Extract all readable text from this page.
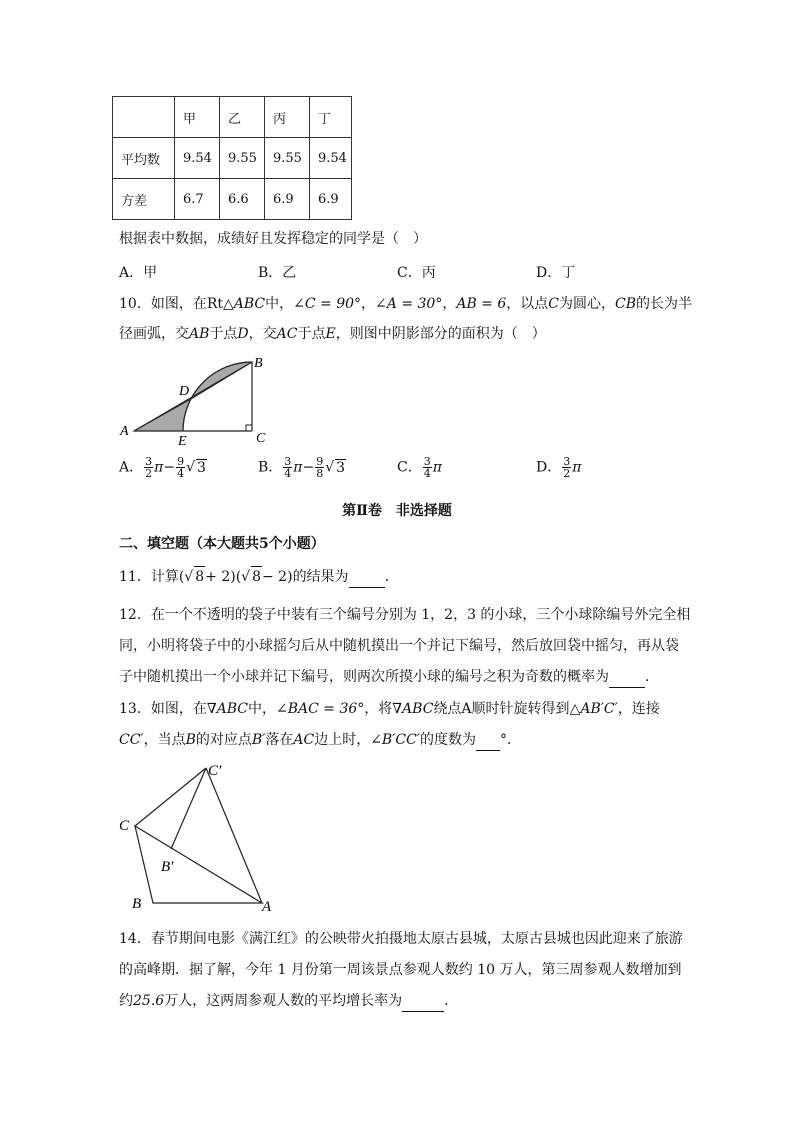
	甲	乙	丙	丁
平均数	9.54	9.55	9.55	9.54
方差	6.7	6.6	6.9	6.9
根据表中数据，成绩好且发挥稳定的同学是（　）
A．甲	B．乙	C．丙	D．丁
10．如图，在Rt△ABC中，∠C = 90°，∠A = 30°，AB = 6，以点C为圆心，CB的长为半
径画弧，交AB于点D，交AC于点E，则图中阴影部分的面积为（　）
A
E	C
D
B
A． $\frac{3}{2} \pi- \frac{9}{4}$ √ 3	B． $\frac{3}{4} \pi- \frac{9}{8}$ √ 3	C． $\frac{3}{4}$ π	D． $\frac{3}{2}$ π
第Ⅱ卷　非选择题
二、填空题（本大题共5个小题）
11．计算(√ 8+ 2)(√ 8− 2)的结果为	.
12．在一个不透明的袋子中装有三个编号分别为 1，2，3 的小球，三个小球除编号外完全相
同，小明将袋子中的小球摇匀后从中随机摸出一个并记下编号，然后放回袋中摇匀，再从袋
子中随机摸出一个小球并记下编号，则两次所摸小球的编号之积为奇数的概率为	.
13．如图，在∇ABC中，∠BAC = 36°，将∇ABC绕点A顺时针旋转得到△AB′C′，连接
CC′，当点B的对应点B′落在AC边上时，∠B′CC′的度数为 °．
C′
C
B′
B	A
14．春节期间电影《满江红》的公映带火拍摄地太原古县城，太原古县城也因此迎来了旅游
的高峰期．据了解，今年 1 月份第一周该景点参观人数约 10 万人，第三周参观人数增加到
约25.6万人，这两周参观人数的平均增长率为	.
